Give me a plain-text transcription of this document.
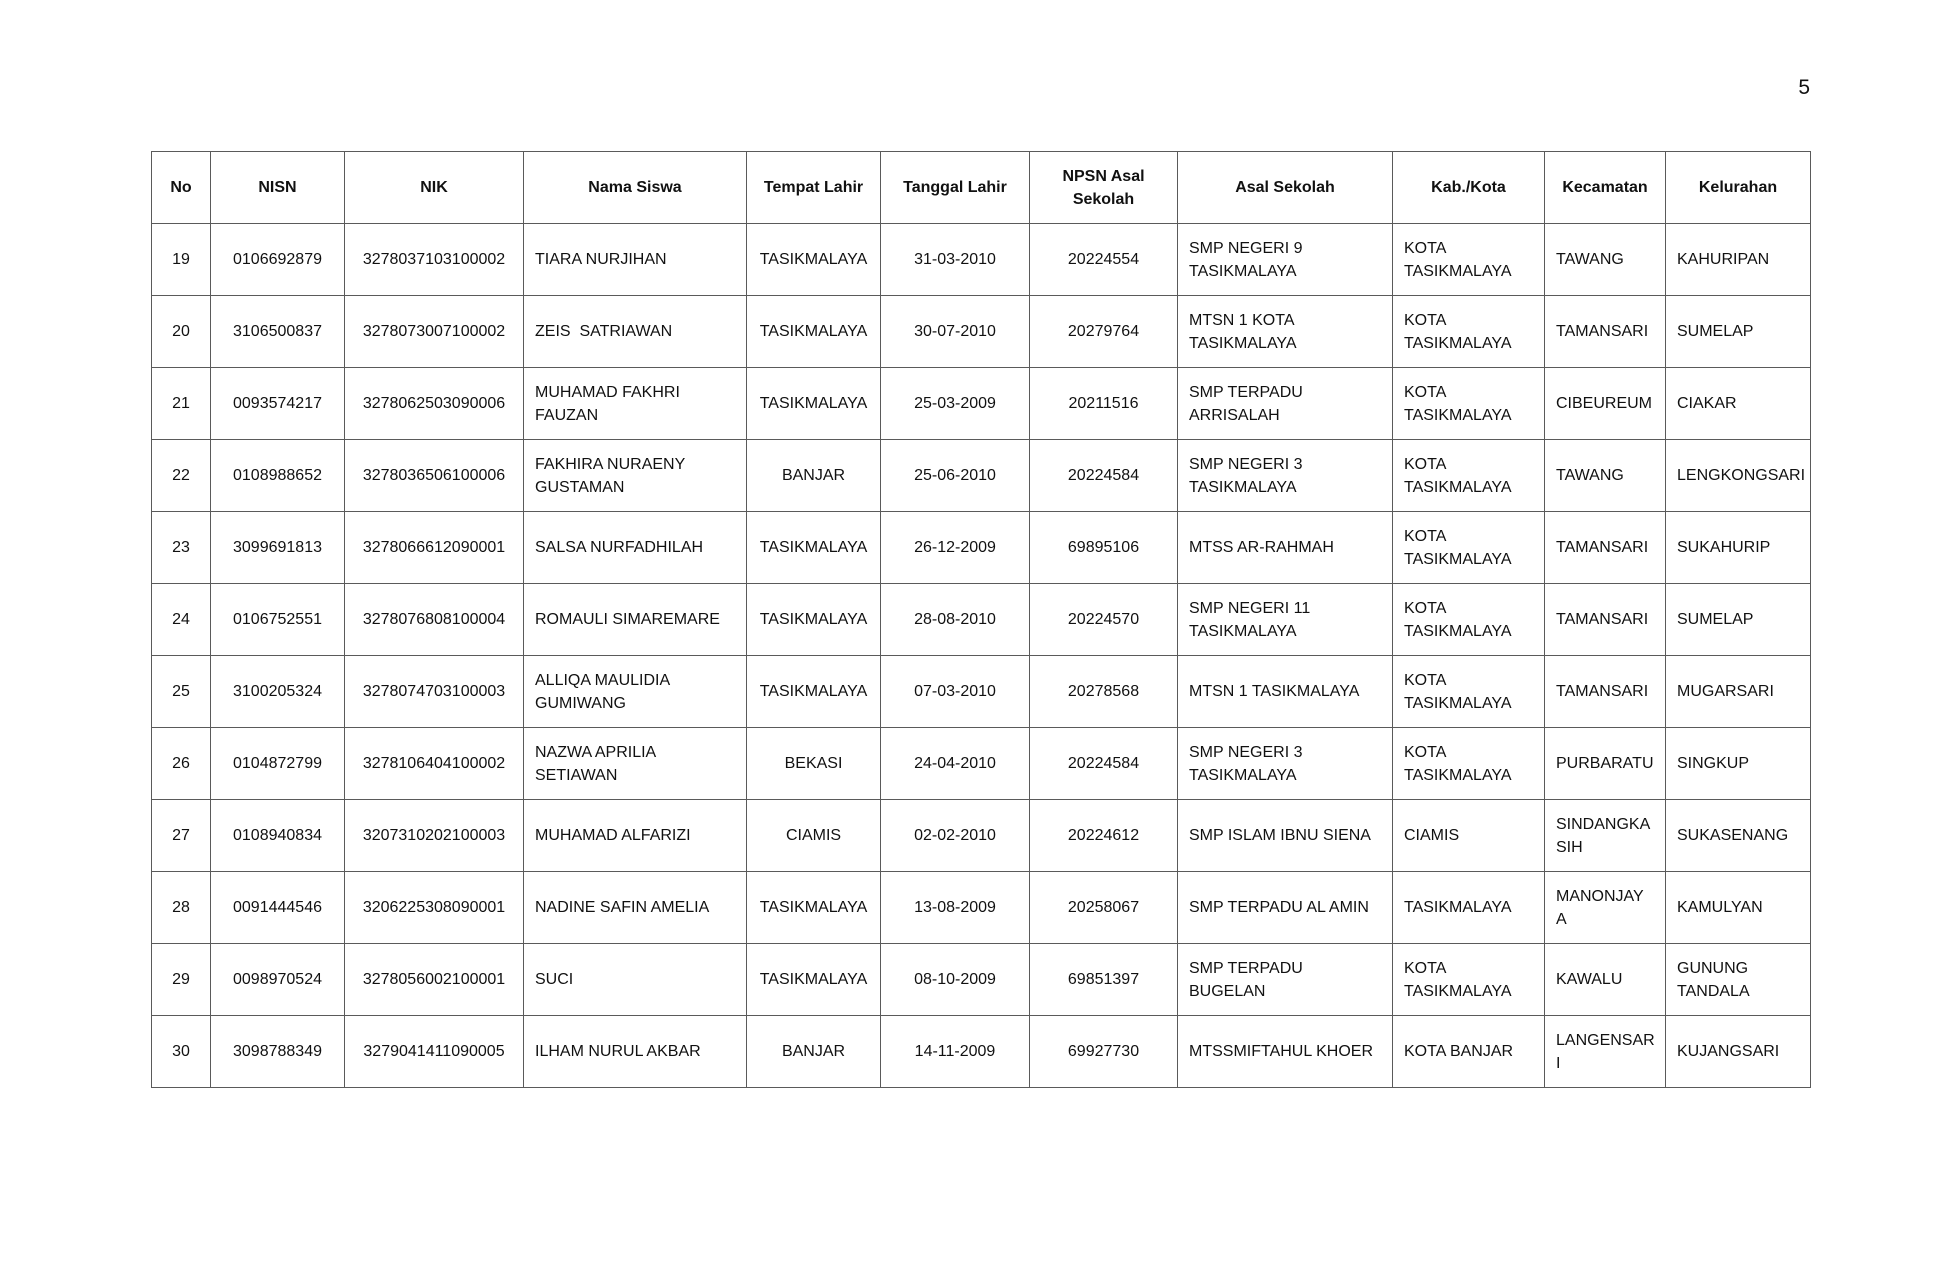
5
No	NISN	NIK	Nama Siswa	Tempat Lahir	Tanggal Lahir	NPSN Asal Sekolah	Asal Sekolah	Kab./Kota	Kecamatan	Kelurahan
19	0106692879	3278037103100002	TIARA NURJIHAN	TASIKMALAYA	31-03-2010	20224554	SMP NEGERI 9 TASIKMALAYA	KOTA TASIKMALAYA	TAWANG	KAHURIPAN
20	3106500837	3278073007100002	ZEIS  SATRIAWAN	TASIKMALAYA	30-07-2010	20279764	MTSN 1 KOTA TASIKMALAYA	KOTA TASIKMALAYA	TAMANSARI	SUMELAP
21	0093574217	3278062503090006	MUHAMAD FAKHRI FAUZAN	TASIKMALAYA	25-03-2009	20211516	SMP TERPADU ARRISALAH	KOTA TASIKMALAYA	CIBEUREUM	CIAKAR
22	0108988652	3278036506100006	FAKHIRA NURAENY GUSTAMAN	BANJAR	25-06-2010	20224584	SMP NEGERI 3 TASIKMALAYA	KOTA TASIKMALAYA	TAWANG	LENGKONGSARI
23	3099691813	3278066612090001	SALSA NURFADHILAH	TASIKMALAYA	26-12-2009	69895106	MTSS AR-RAHMAH	KOTA TASIKMALAYA	TAMANSARI	SUKAHURIP
24	0106752551	3278076808100004	ROMAULI SIMAREMARE	TASIKMALAYA	28-08-2010	20224570	SMP NEGERI 11 TASIKMALAYA	KOTA TASIKMALAYA	TAMANSARI	SUMELAP
25	3100205324	3278074703100003	ALLIQA MAULIDIA GUMIWANG	TASIKMALAYA	07-03-2010	20278568	MTSN 1 TASIKMALAYA	KOTA TASIKMALAYA	TAMANSARI	MUGARSARI
26	0104872799	3278106404100002	NAZWA APRILIA SETIAWAN	BEKASI	24-04-2010	20224584	SMP NEGERI 3 TASIKMALAYA	KOTA TASIKMALAYA	PURBARATU	SINGKUP
27	0108940834	3207310202100003	MUHAMAD ALFARIZI	CIAMIS	02-02-2010	20224612	SMP ISLAM IBNU SIENA	CIAMIS	SINDANGKA SIH	SUKASENANG
28	0091444546	3206225308090001	NADINE SAFIN AMELIA	TASIKMALAYA	13-08-2009	20258067	SMP TERPADU AL AMIN	TASIKMALAYA	MANONJAY A	KAMULYAN
29	0098970524	3278056002100001	SUCI	TASIKMALAYA	08-10-2009	69851397	SMP TERPADU BUGELAN	KOTA TASIKMALAYA	KAWALU	GUNUNG TANDALA
30	3098788349	3279041411090005	ILHAM NURUL AKBAR	BANJAR	14-11-2009	69927730	MTSSMIFTAHUL KHOER	KOTA BANJAR	LANGENSAR I	KUJANGSARI
